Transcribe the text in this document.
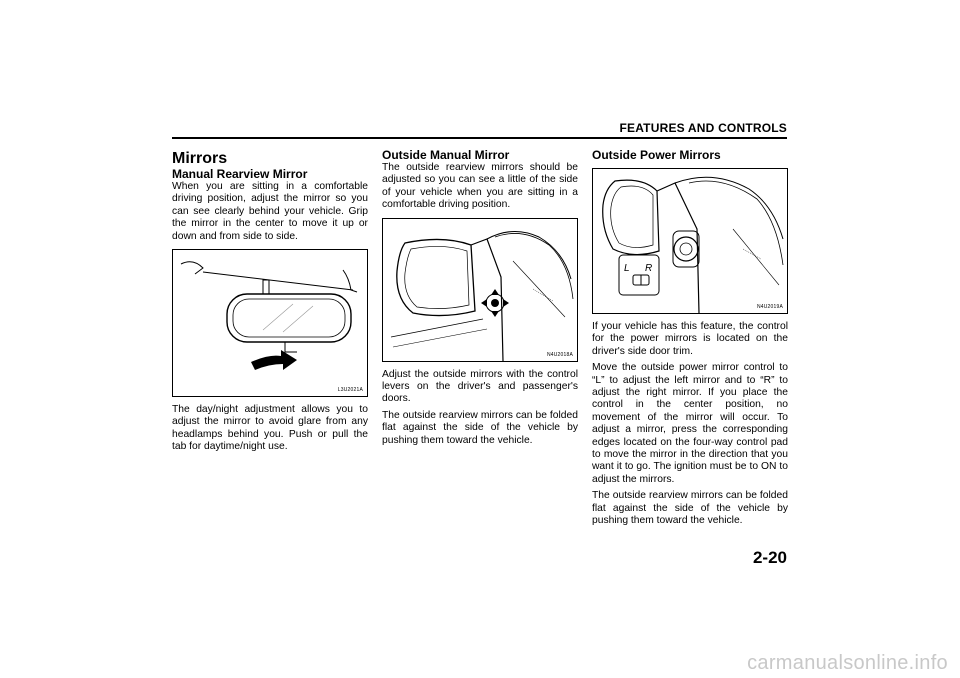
FEATURES AND CONTROLS
Mirrors
Manual Rearview Mirror

When you are sitting in a comfortable driving position, adjust the mirror so you can see clearly behind your vehicle. Grip the mirror in the center to move it up or down and from side to side.

L3U2021A

The day/night adjustment allows you to adjust the mirror to avoid glare from any headlamps behind you. Push or pull the tab for daytime/night use.

Outside Manual Mirror

The outside rearview mirrors should be adjusted so you can see a little of the side of your vehicle when you are sitting in a comfortable driving position.

N4U2018A

Adjust the outside mirrors with the control levers on the driver's and passenger's doors.

The outside rearview mirrors can be folded flat against the side of the vehicle by pushing them toward the vehicle.

Outside Power Mirrors
L R
N4U2019A

If your vehicle has this feature, the control for the power mirrors is located on the driver's side door trim.

Move the outside power mirror control to “L” to adjust the left mirror and to “R” to adjust the right mirror. If you place the control in the center position, no movement of the mirror will occur. To adjust a mirror, press the corresponding edges located on the four-way control pad to move the mirror in the direction that you want it to go. The ignition must be to ON to adjust the mirrors.

The outside rearview mirrors can be folded flat against the side of the vehicle by pushing them toward the vehicle.

2-20
carmanualsonline.info
